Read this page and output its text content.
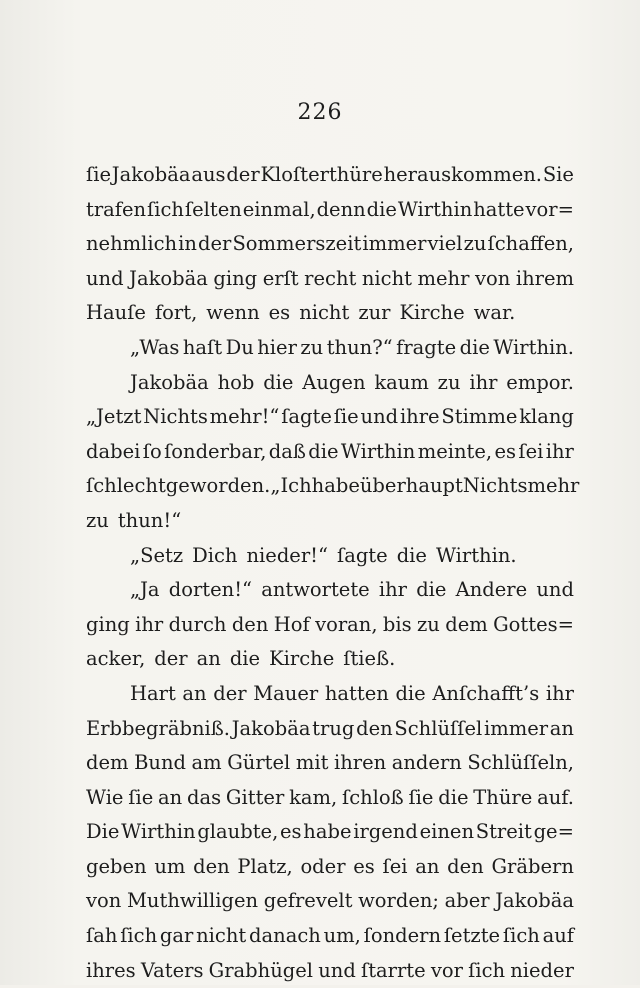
226
ſie Jakobäa aus der Kloſterthüre herauskommen. Sie
trafen ſich ſelten einmal, denn die Wirthin hatte vor=
nehmlich in der Sommerszeit immer viel zu ſchaffen,
und Jakobäa ging erſt recht nicht mehr von ihrem
Hauſe fort, wenn es nicht zur Kirche war.
„Was haſt Du hier zu thun?“ fragte die Wirthin.
Jakobäa hob die Augen kaum zu ihr empor.
„Jetzt Nichts mehr!“ ſagte ſie und ihre Stimme klang
dabei ſo ſonderbar, daß die Wirthin meinte, es ſei ihr
ſchlecht geworden. „Ich habe überhaupt Nichts mehr
zu thun!“
„Setz Dich nieder!“ ſagte die Wirthin.
„Ja dorten!“ antwortete ihr die Andere und
ging ihr durch den Hof voran, bis zu dem Gottes=
acker, der an die Kirche ſtieß.
Hart an der Mauer hatten die Anſchafft’s ihr
Erbbegräbniß. Jakobäa trug den Schlüſſel immer an
dem Bund am Gürtel mit ihren andern Schlüſſeln,
Wie ſie an das Gitter kam, ſchloß ſie die Thüre auf.
Die Wirthin glaubte, es habe irgend einen Streit ge=
geben um den Platz, oder es ſei an den Gräbern
von Muthwilligen gefrevelt worden; aber Jakobäa
ſah ſich gar nicht danach um, ſondern ſetzte ſich auf
ihres Vaters Grabhügel und ſtarrte vor ſich nieder
